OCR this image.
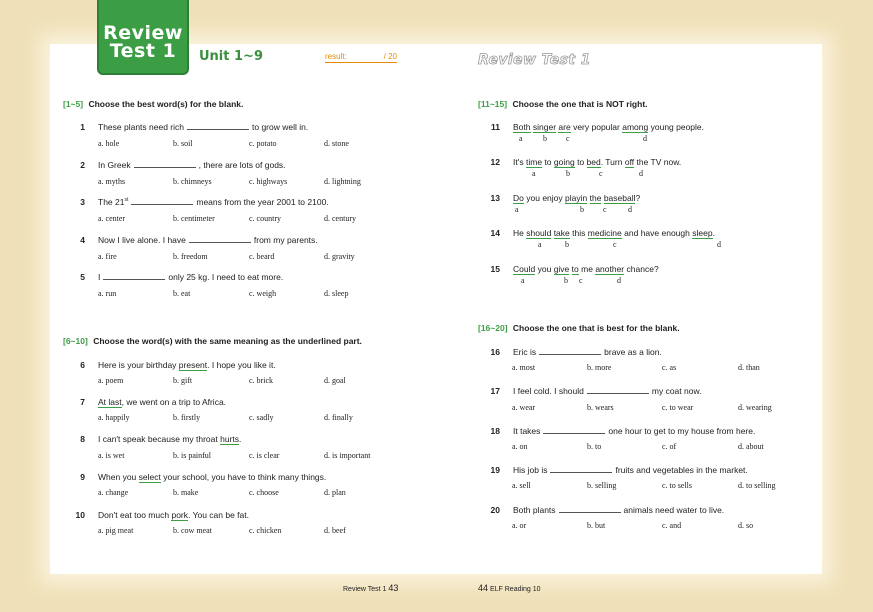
Review
Test 1	Unit 1~9	result:	/ 20	Review Test 1
[1~5] Choose the best word(s) for the blank.
1 These plants need rich	to grow well in.
a. hole	b. soil	c. potato	d. stone
2 In Greek	, there are lots of gods.
a. myths	b. chimneys	c. highways	d. lightning
3 The 21st	means from the year 2001 to 2100.
a. center	b. centimeter	c. country	d. century
4 Now I live alone. I have	from my parents.
a. fire	b. freedom	c. beard	d. gravity
5 I	only 25 kg. I need to eat more.
a. run	b. eat	c. weigh	d. sleep
[6~10] Choose the word(s) with the same meaning as the underlined part.
6 Here is your birthday present. I hope you like it.
a. poem	b. gift	c. brick	d. goal
7 At last, we went on a trip to Africa.
a. happily	b. firstly	c. sadly	d. finally
8 I can't speak because my throat hurts.
a. is wet	b. is painful	c. is clear	d. is important
9 When you select your school, you have to think many things.
a. change	b. make	c. choose	d. plan
10 Don't eat too much pork. You can be fat.
a. pig meat	b. cow meat	c. chicken	d. beef
[11~15] Choose the one that is NOT right.
11 Both singer are very popular among young people.
a	b c	d
12 It's time to going to bed. Turn off the TV now.
a	b	c	d
13 Do you enjoy playin the baseball?
a	b c	d
14 He should take this medicine and have enough sleep.
a	b	c	d
15 Could you give to me another chance?
a	b c	d
[16~20] Choose the one that is best for the blank.
16 Eric is	brave as a lion.
a. most	b. more	c. as	d. than
17 I feel cold. I should	my coat now.
a. wear	b. wears	c. to wear	d. wearing
18 It takes	one hour to get to my house from here.
a. on	b. to	c. of	d. about
19 His job is	fruits and vegetables in the market.
a. sell	b. selling	c. to sells	d. to selling
20 Both plants	animals need water to live.
a. or	b. but	c. and	d. so
Review Test 1 43	44 ELF Reading 10
